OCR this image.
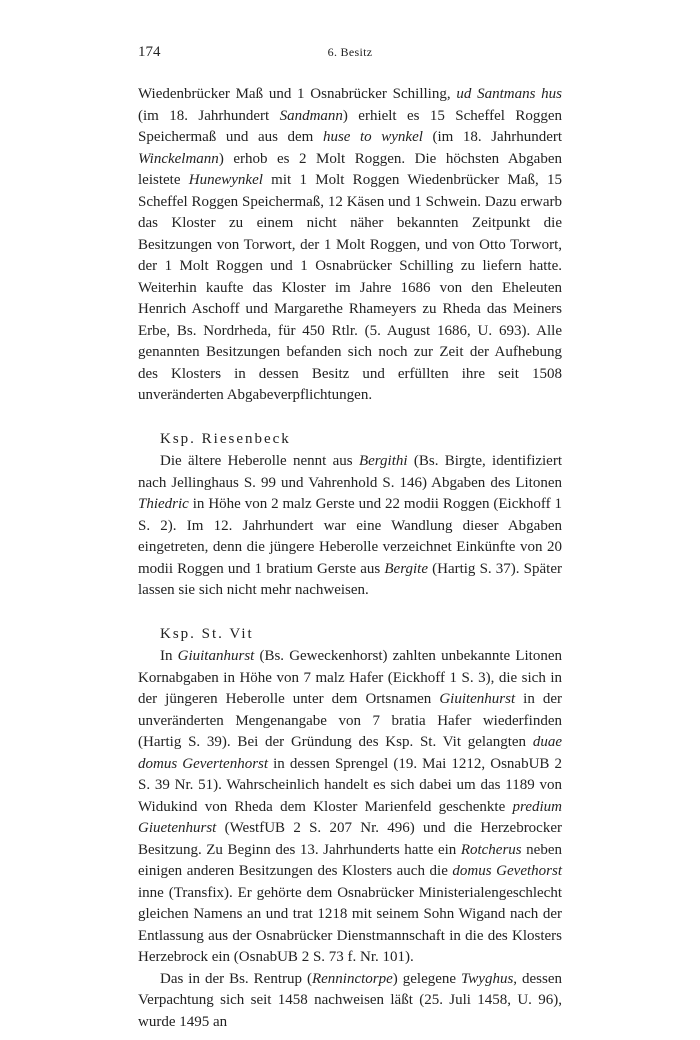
174	6. Besitz

Wiedenbrücker Maß und 1 Osnabrücker Schilling, ud Santmans hus (im 18. Jahrhundert Sandmann) erhielt es 15 Scheffel Roggen Speichermaß und aus dem huse to wynkel (im 18. Jahrhundert Winckelmann) erhob es 2 Molt Roggen. Die höchsten Abgaben leistete Hunewynkel mit 1 Molt Roggen Wiedenbrücker Maß, 15 Scheffel Roggen Speichermaß, 12 Käsen und 1 Schwein. Dazu erwarb das Kloster zu einem nicht näher bekannten Zeitpunkt die Besitzungen von Torwort, der 1 Molt Roggen, und von Otto Torwort, der 1 Molt Roggen und 1 Osnabrücker Schilling zu liefern hatte. Weiterhin kaufte das Kloster im Jahre 1686 von den Eheleuten Henrich Aschoff und Margarethe Rhameyers zu Rheda das Meiners Erbe, Bs. Nordrheda, für 450 Rtlr. (5. August 1686, U. 693). Alle genannten Besitzungen befanden sich noch zur Zeit der Aufhebung des Klosters in dessen Besitz und erfüllten ihre seit 1508 unveränderten Abgabeverpflichtungen.

Ksp. Riesenbeck

Die ältere Heberolle nennt aus Bergithi (Bs. Birgte, identifiziert nach Jellinghaus S. 99 und Vahrenhold S. 146) Abgaben des Litonen Thiedric in Höhe von 2 malz Gerste und 22 modii Roggen (Eickhoff 1 S. 2). Im 12. Jahrhundert war eine Wandlung dieser Abgaben eingetreten, denn die jüngere Heberolle verzeichnet Einkünfte von 20 modii Roggen und 1 bratium Gerste aus Bergite (Hartig S. 37). Später lassen sie sich nicht mehr nachweisen.

Ksp. St. Vit

In Giuitanhurst (Bs. Geweckenhorst) zahlten unbekannte Litonen Kornabgaben in Höhe von 7 malz Hafer (Eickhoff 1 S. 3), die sich in der jüngeren Heberolle unter dem Ortsnamen Giuitenhurst in der unveränderten Mengenangabe von 7 bratia Hafer wiederfinden (Hartig S. 39). Bei der Gründung des Ksp. St. Vit gelangten duae domus Gevertenhorst in dessen Sprengel (19. Mai 1212, OsnabUB 2 S. 39 Nr. 51). Wahrscheinlich handelt es sich dabei um das 1189 von Widukind von Rheda dem Kloster Marienfeld geschenkte predium Giuetenhurst (WestfUB 2 S. 207 Nr. 496) und die Herzebrocker Besitzung. Zu Beginn des 13. Jahrhunderts hatte ein Rotcherus neben einigen anderen Besitzungen des Klosters auch die domus Gevethorst inne (Transfix). Er gehörte dem Osnabrücker Ministerialengeschlecht gleichen Namens an und trat 1218 mit seinem Sohn Wigand nach der Entlassung aus der Osnabrücker Dienstmannschaft in die des Klosters Herzebrock ein (OsnabUB 2 S. 73 f. Nr. 101).

Das in der Bs. Rentrup (Renninctorpe) gelegene Twyghus, dessen Verpachtung sich seit 1458 nachweisen läßt (25. Juli 1458, U. 96), wurde 1495 an
